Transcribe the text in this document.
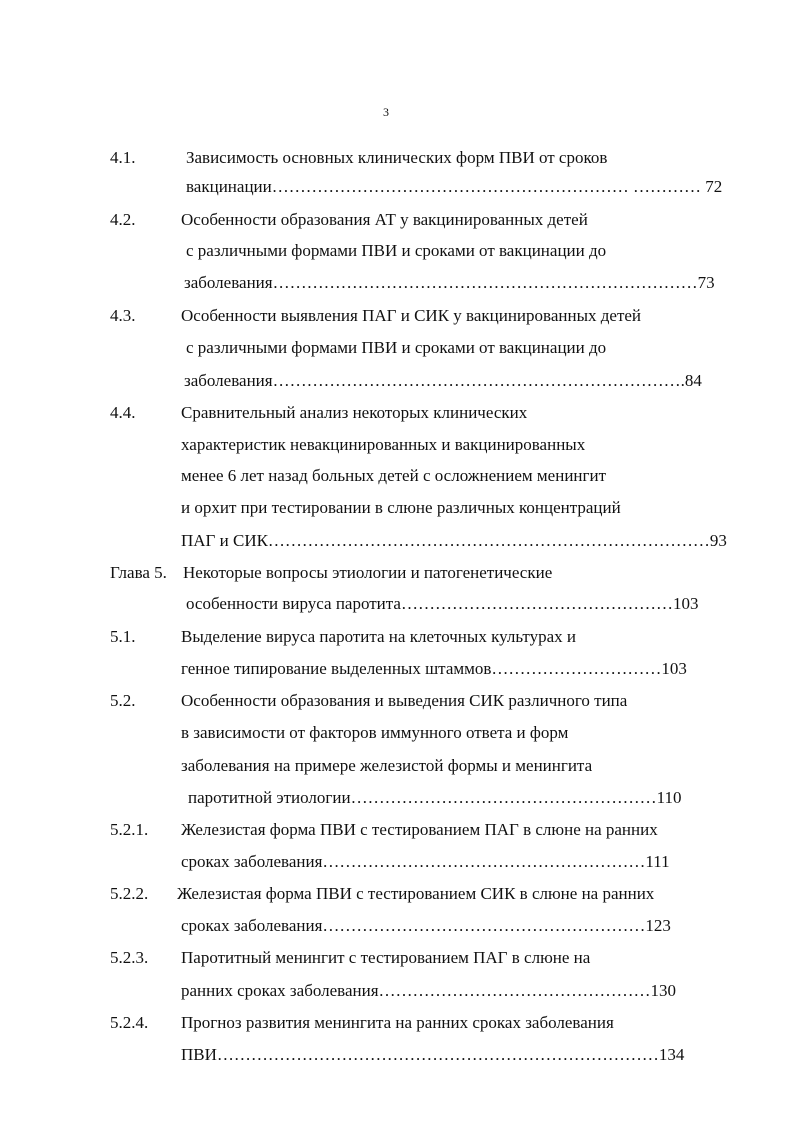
3
4.1.	Зависимость основных клинических форм ПВИ от сроков
вакцинации……………………………………………………… ………… 72
4.2.	Особенности образования АТ у вакцинированных детей
с различными формами ПВИ и сроками от вакцинации до
заболевания…………………………………………………………………73
4.3.	Особенности выявления ПАГ и СИК у вакцинированных детей
с различными формами ПВИ и сроками от вакцинации до
заболевания……………………………………………………………….84
4.4.	Сравнительный анализ некоторых клинических
характеристик невакцинированных и вакцинированных
менее 6 лет назад больных детей с осложнением менингит
и орхит при тестировании в слюне различных концентраций
ПАГ и СИК……………………………………………………………………93
Глава 5. Некоторые вопросы этиологии и патогенетические
особенности вируса паротита…………………………………………103
5.1.	Выделение вируса паротита на клеточных культурах и
генное типирование выделенных штаммов…………………………103
5.2.	Особенности образования и выведения СИК различного типа
в зависимости от факторов иммунного ответа и форм
заболевания на примере железистой формы и менингита
паротитной этиологии………………………………………………110
5.2.1. Железистая форма ПВИ с тестированием ПАГ в слюне на ранних
сроках заболевания…………………………………………………111
5.2.2. Железистая форма ПВИ с тестированием СИК в слюне на ранних
сроках заболевания…………………………………………………123
5.2.3. Паротитный менингит с тестированием ПАГ в слюне на
ранних сроках заболевания…………………………………………130
5.2.4. Прогноз развития менингита на ранних сроках заболевания
ПВИ……………………………………………………………………134
